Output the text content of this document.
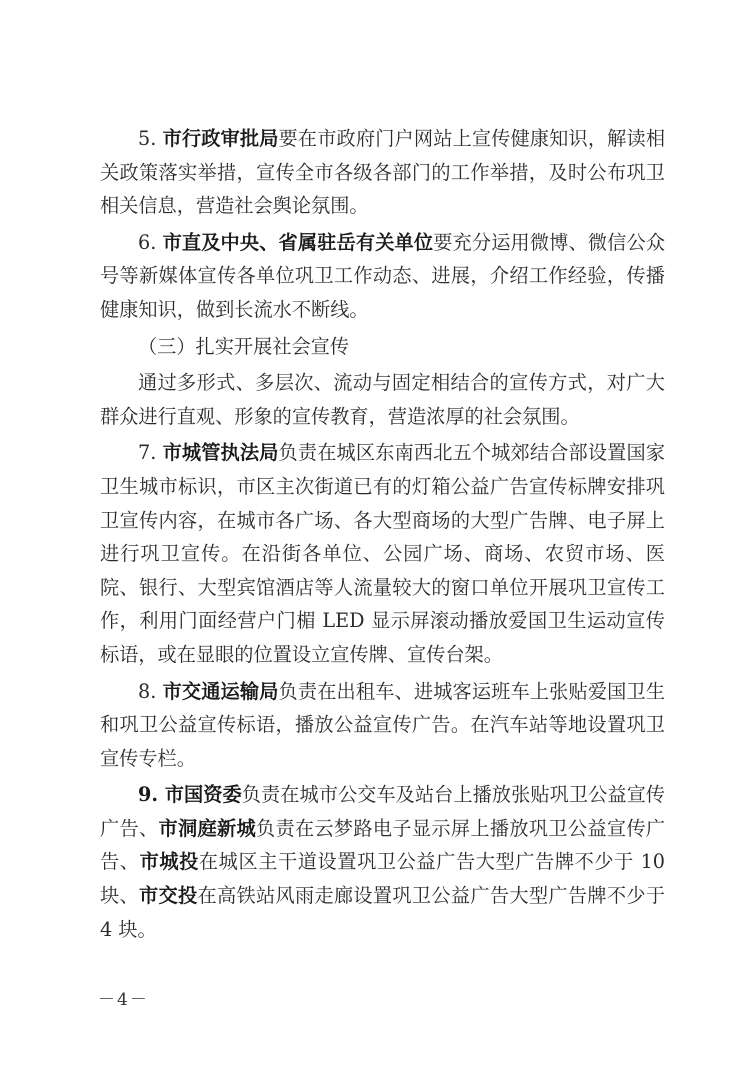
5. 市行政审批局要在市政府门户网站上宣传健康知识，解读相关政策落实举措，宣传全市各级各部门的工作举措，及时公布巩卫相关信息，营造社会舆论氛围。

6. 市直及中央、省属驻岳有关单位要充分运用微博、微信公众号等新媒体宣传各单位巩卫工作动态、进展，介绍工作经验，传播健康知识，做到长流水不断线。

（三）扎实开展社会宣传

通过多形式、多层次、流动与固定相结合的宣传方式，对广大群众进行直观、形象的宣传教育，营造浓厚的社会氛围。

7. 市城管执法局负责在城区东南西北五个城郊结合部设置国家卫生城市标识，市区主次街道已有的灯箱公益广告宣传标牌安排巩卫宣传内容，在城市各广场、各大型商场的大型广告牌、电子屏上进行巩卫宣传。在沿街各单位、公园广场、商场、农贸市场、医院、银行、大型宾馆酒店等人流量较大的窗口单位开展巩卫宣传工作，利用门面经营户门楣 LED 显示屏滚动播放爱国卫生运动宣传标语，或在显眼的位置设立宣传牌、宣传台架。

8. 市交通运输局负责在出租车、进城客运班车上张贴爱国卫生和巩卫公益宣传标语，播放公益宣传广告。在汽车站等地设置巩卫宣传专栏。

9. 市国资委负责在城市公交车及站台上播放张贴巩卫公益宣传广告、市洞庭新城负责在云梦路电子显示屏上播放巩卫公益宣传广告、市城投在城区主干道设置巩卫公益广告大型广告牌不少于 10 块、市交投在高铁站风雨走廊设置巩卫公益广告大型广告牌不少于 4 块。

－4－
